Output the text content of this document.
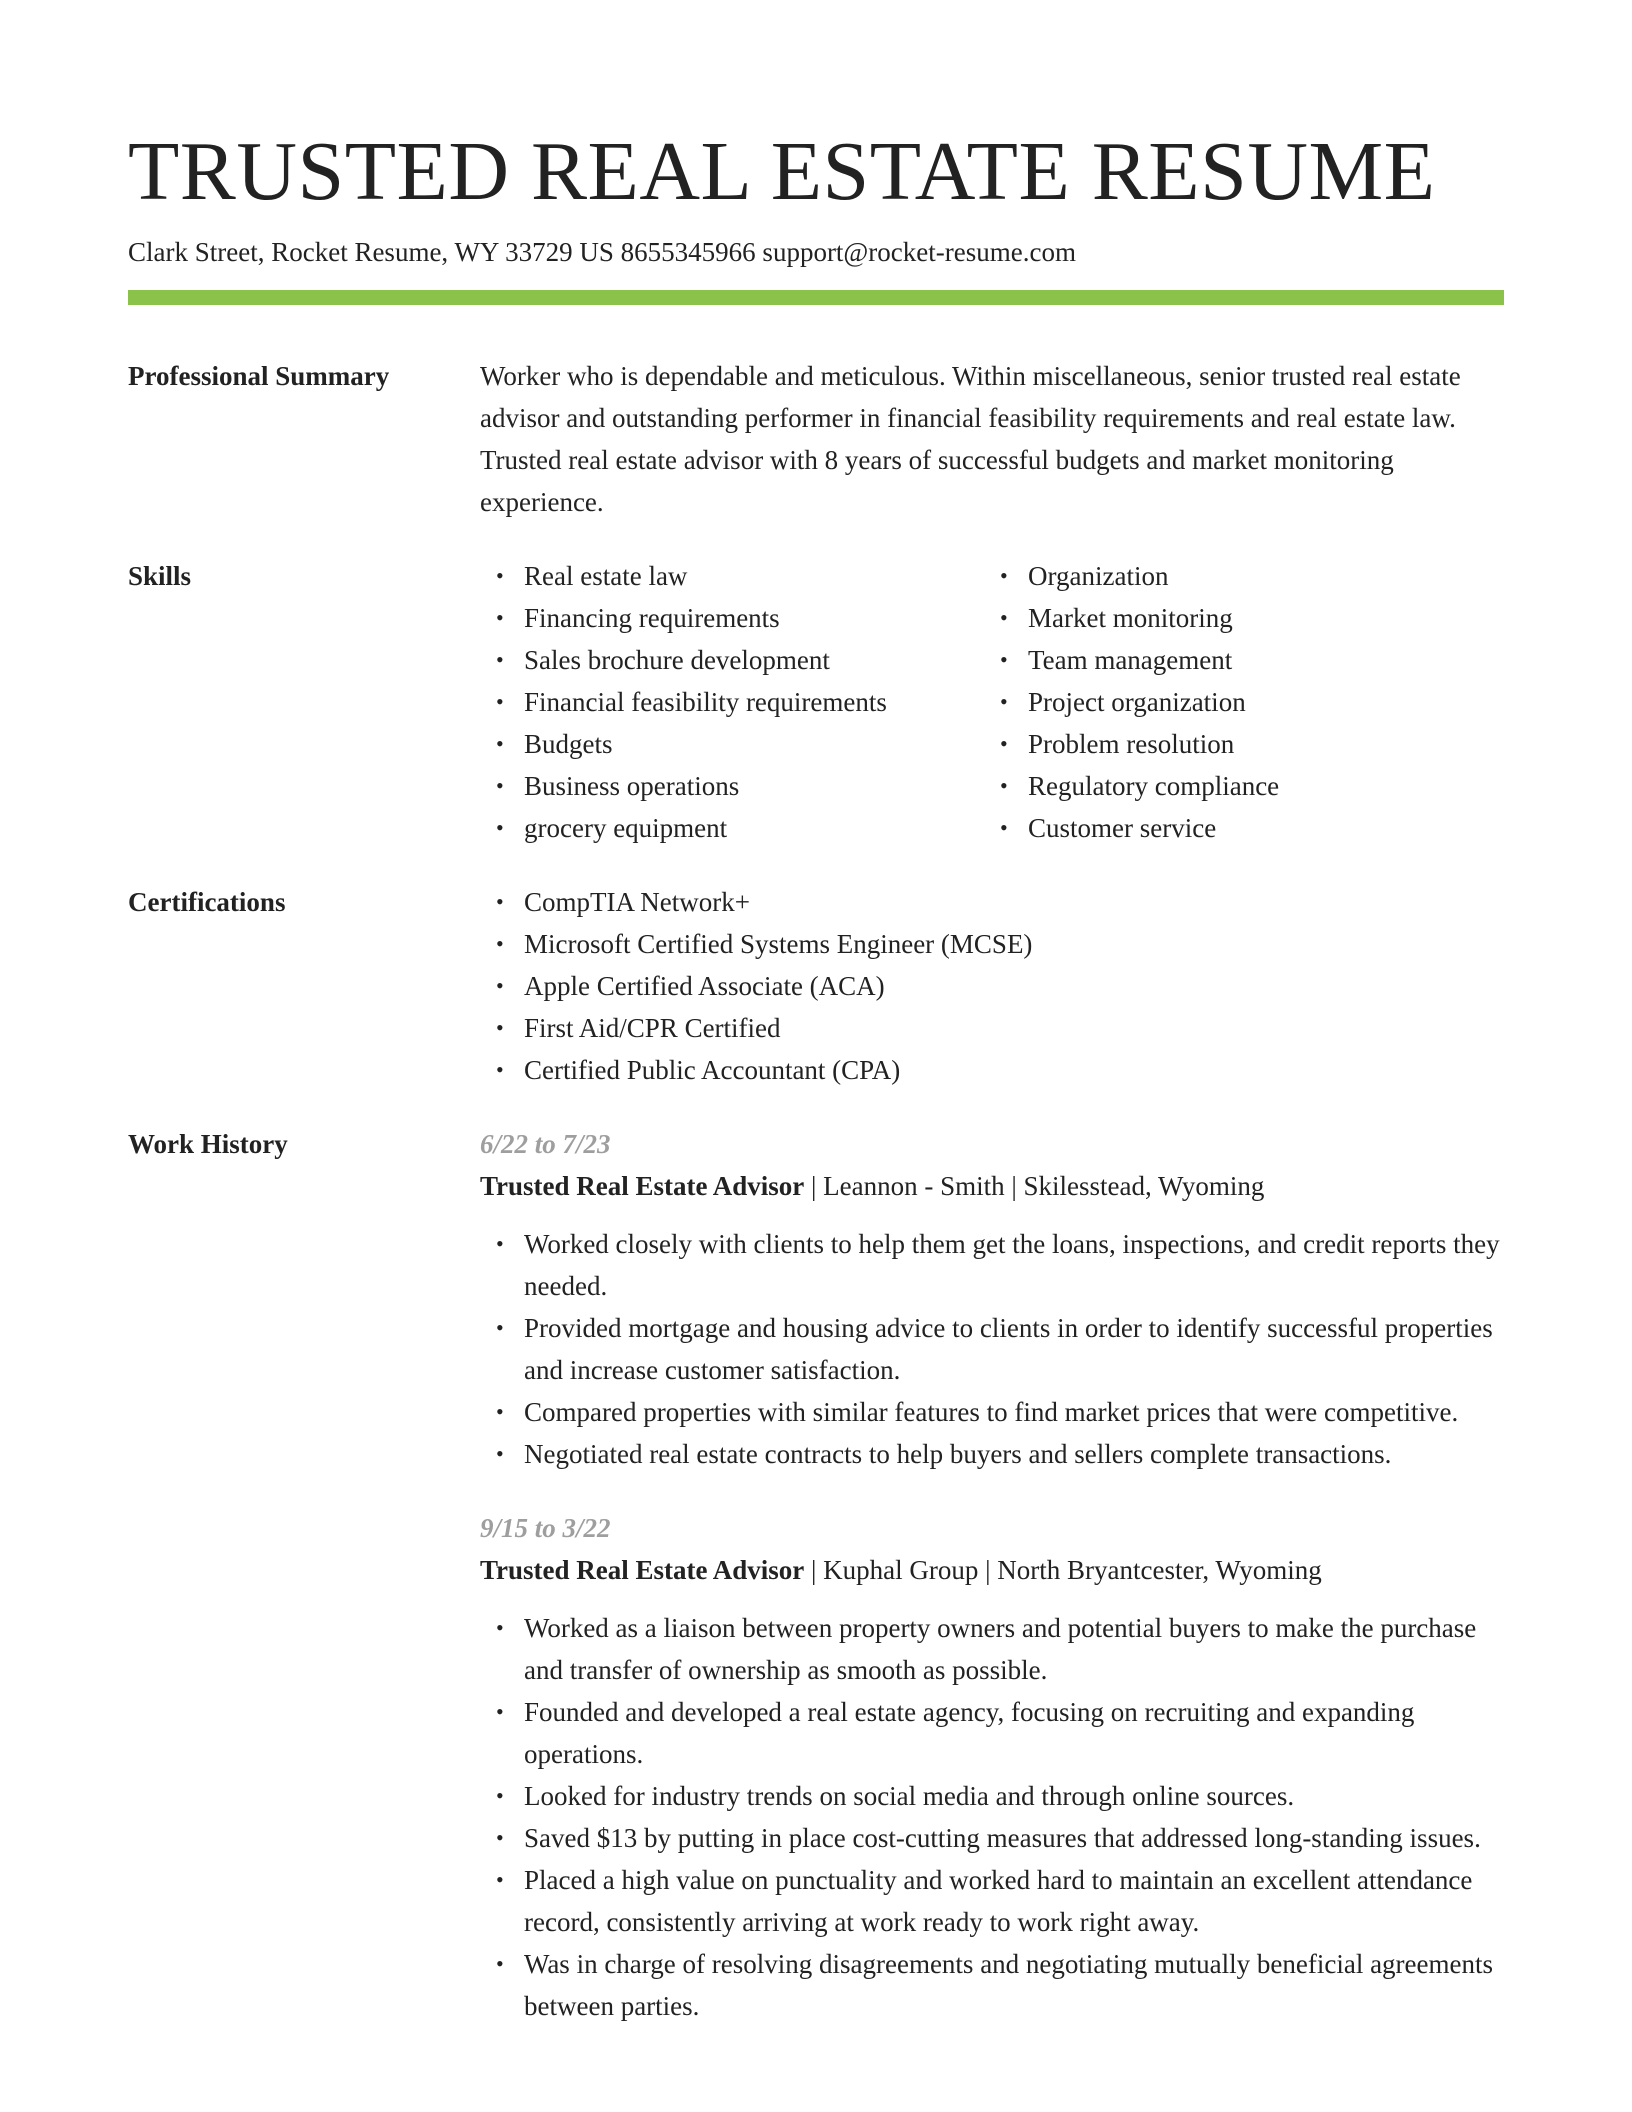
TRUSTED REAL ESTATE RESUME
Clark Street, Rocket Resume, WY 33729 US 8655345966 support@rocket-resume.com
Professional Summary	Worker who is dependable and meticulous. Within miscellaneous, senior trusted real estate advisor and outstanding performer in financial feasibility requirements and real estate law. Trusted real estate advisor with 8 years of successful budgets and market monitoring experience.
Skills	• Real estate law
• Financing requirements
• Sales brochure development
• Financial feasibility requirements
• Budgets
• Business operations
• grocery equipment
• Organization
• Market monitoring
• Team management
• Project organization
• Problem resolution
• Regulatory compliance
• Customer service
Certifications	• CompTIA Network+
• Microsoft Certified Systems Engineer (MCSE)
• Apple Certified Associate (ACA)
• First Aid/CPR Certified
• Certified Public Accountant (CPA)
Work History	6/22 to 7/23
Trusted Real Estate Advisor | Leannon - Smith | Skilesstead, Wyoming
• Worked closely with clients to help them get the loans, inspections, and credit reports they needed.
• Provided mortgage and housing advice to clients in order to identify successful properties and increase customer satisfaction.
• Compared properties with similar features to find market prices that were competitive.
• Negotiated real estate contracts to help buyers and sellers complete transactions.
9/15 to 3/22
Trusted Real Estate Advisor | Kuphal Group | North Bryantcester, Wyoming
• Worked as a liaison between property owners and potential buyers to make the purchase and transfer of ownership as smooth as possible.
• Founded and developed a real estate agency, focusing on recruiting and expanding operations.
• Looked for industry trends on social media and through online sources.
• Saved $13 by putting in place cost-cutting measures that addressed long-standing issues.
• Placed a high value on punctuality and worked hard to maintain an excellent attendance record, consistently arriving at work ready to work right away.
• Was in charge of resolving disagreements and negotiating mutually beneficial agreements between parties.
